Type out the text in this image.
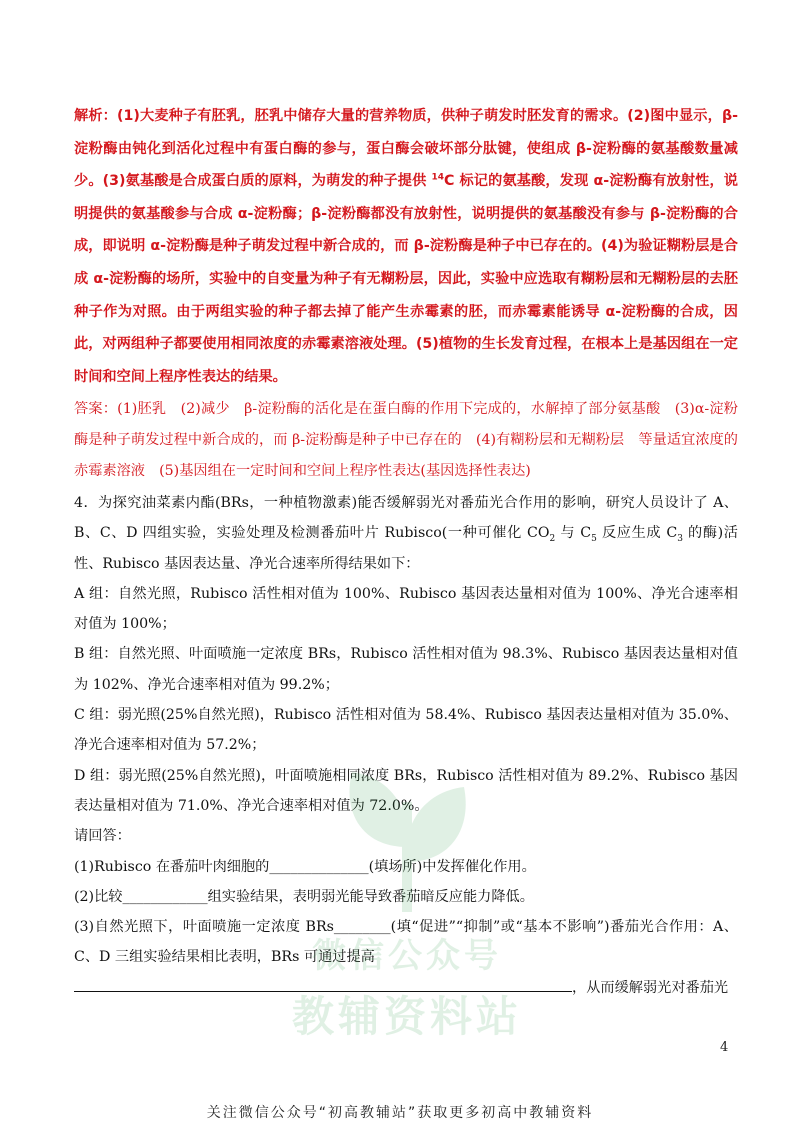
解析：(1)大麦种子有胚乳，胚乳中储存大量的营养物质，供种子萌发时胚发育的需求。(2)图中显示，β-淀粉酶由钝化到活化过程中有蛋白酶的参与，蛋白酶会破坏部分肽键，使组成 β-淀粉酶的氨基酸数量减少。(3)氨基酸是合成蛋白质的原料，为萌发的种子提供 $^{14}$C 标记的氨基酸，发现 α-淀粉酶有放射性，说明提供的氨基酸参与合成 α-淀粉酶；β-淀粉酶都没有放射性，说明提供的氨基酸没有参与 β-淀粉酶的合成，即说明 α-淀粉酶是种子萌发过程中新合成的，而 β-淀粉酶是种子中已存在的。(4)为验证糊粉层是合成 α-淀粉酶的场所，实验中的自变量为种子有无糊粉层，因此，实验中应选取有糊粉层和无糊粉层的去胚种子作为对照。由于两组实验的种子都去掉了能产生赤霉素的胚，而赤霉素能诱导 α-淀粉酶的合成，因此，对两组种子都要使用相同浓度的赤霉素溶液处理。(5)植物的生长发育过程，在根本上是基因组在一定时间和空间上程序性表达的结果。

答案：(1)胚乳　(2)减少　β-淀粉酶的活化是在蛋白酶的作用下完成的，水解掉了部分氨基酸　(3)α-淀粉酶是种子萌发过程中新合成的，而 β-淀粉酶是种子中已存在的　(4)有糊粉层和无糊粉层　等量适宜浓度的赤霉素溶液　(5)基因组在一定时间和空间上程序性表达(基因选择性表达)

4．为探究油菜素内酯(BRs，一种植物激素)能否缓解弱光对番茄光合作用的影响，研究人员设计了 A、B、C、D 四组实验，实验处理及检测番茄叶片 Rubisco(一种可催化 $CO_2$ 与 $C_5$ 反应生成 $C_3$ 的酶)活性、Rubisco 基因表达量、净光合速率所得结果如下：

A 组：自然光照，Rubisco 活性相对值为 100%、Rubisco 基因表达量相对值为 100%、净光合速率相对值为 100%；

B 组：自然光照、叶面喷施一定浓度 BRs，Rubisco 活性相对值为 98.3%、Rubisco 基因表达量相对值为 102%、净光合速率相对值为 99.2%；

C 组：弱光照(25%自然光照)，Rubisco 活性相对值为 58.4%、Rubisco 基因表达量相对值为 35.0%、净光合速率相对值为 57.2%；

D 组：弱光照(25%自然光照)，叶面喷施相同浓度 BRs，Rubisco 活性相对值为 89.2%、Rubisco 基因表达量相对值为 71.0%、净光合速率相对值为 72.0%。

请回答：

(1)Rubisco 在番茄叶肉细胞的______________(填场所)中发挥催化作用。

(2)比较____________组实验结果，表明弱光能导致番茄暗反应能力降低。

(3)自然光照下，叶面喷施一定浓度 BRs________(填“促进”“抑制”或“基本不影响”)番茄光合作用：A、C、D 三组实验结果相比表明，BRs 可通过提高

，从而缓解弱光对番茄光

微信公众号
教辅资料站
4
关注微信公众号“初高教辅站”获取更多初高中教辅资料
